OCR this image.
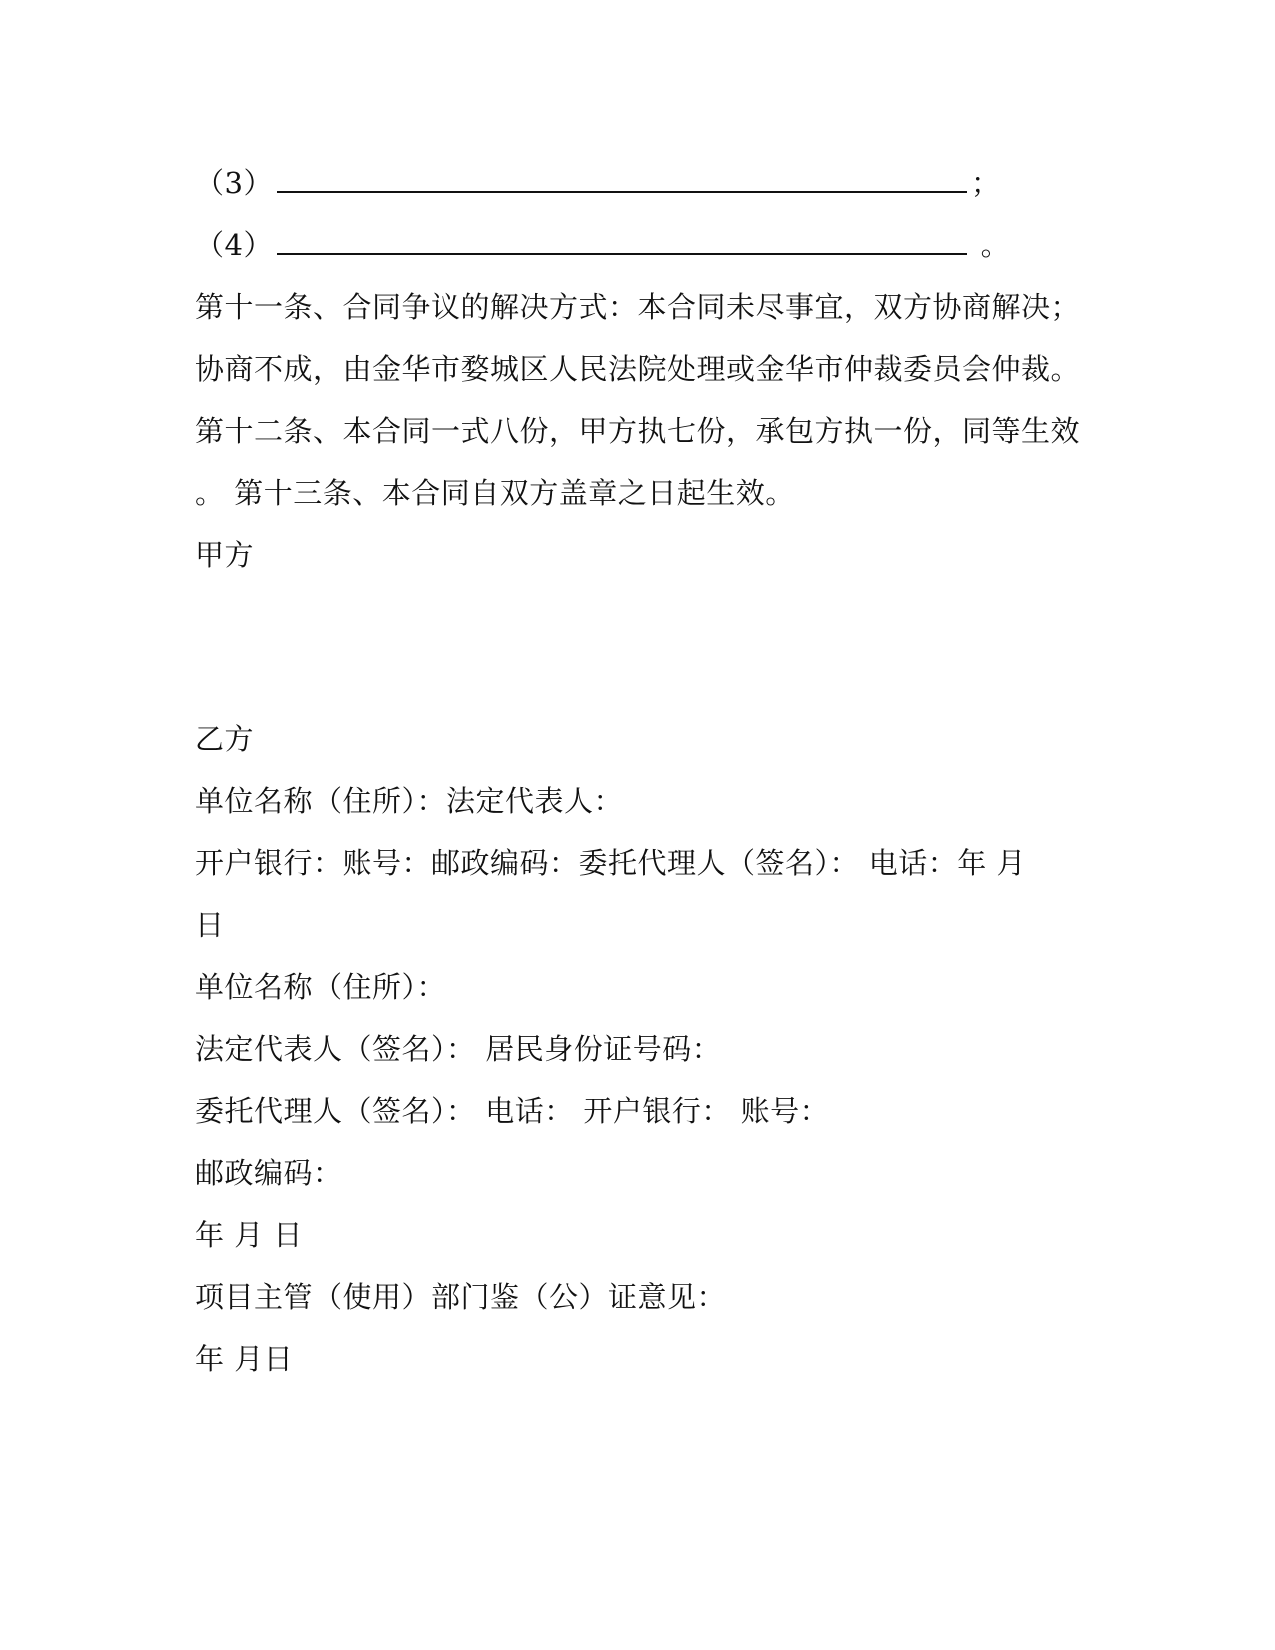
（3）	；
（4）	。
第十一条、合同争议的解决方式：本合同未尽事宜，双方协商解决；
协商不成，由金华市婺城区人民法院处理或金华市仲裁委员会仲裁。
第十二条、本合同一式八份，甲方执七份，承包方执一份，同等生效
。 第十三条、本合同自双方盖章之日起生效。
甲方
乙方
单位名称（住所）：法定代表人：
开户银行：账号：邮政编码：委托代理人（签名）： 电话：年 月
日
单位名称（住所）：
法定代表人（签名）： 居民身份证号码：
委托代理人（签名）： 电话： 开户银行： 账号：
邮政编码：
年 月 日
项目主管（使用）部门鉴（公）证意见：
年 月日
